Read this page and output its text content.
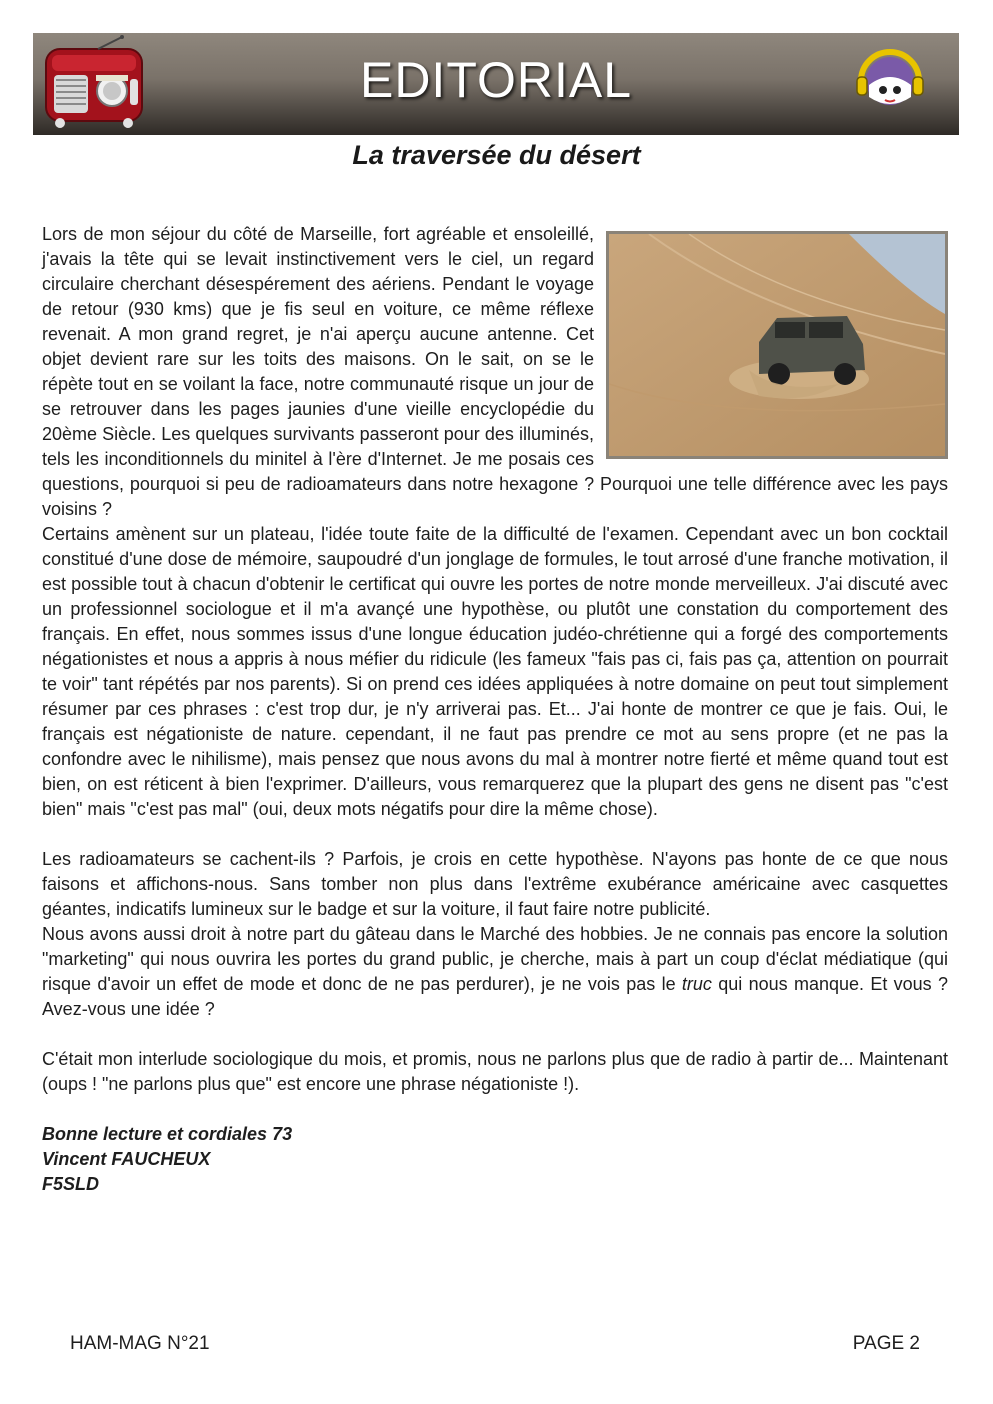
EDITORIAL
La traversée du désert

Lors de mon séjour du côté de Marseille, fort agréable et ensoleillé, j'avais la tête qui se levait instinctivement vers le ciel, un regard circulaire cherchant désespérement des aériens. Pendant le voyage de retour (930 kms) que je fis seul en voiture, ce même réflexe revenait. A mon grand regret, je n'ai aperçu aucune antenne. Cet objet devient rare sur les toits des maisons. On le sait, on se le répète tout en se voilant la face, notre communauté risque un jour de se retrouver dans les pages jaunies d'une vieille encyclopédie du 20ème Siècle. Les quelques survivants passeront pour des illuminés, tels les inconditionnels du minitel à l'ère d'Internet. Je me posais ces questions, pourquoi si peu de radioamateurs dans notre hexagone ? Pourquoi une telle différence avec les pays voisins ?

Certains amènent sur un plateau, l'idée toute faite de la difficulté de l'examen. Cependant avec un bon cocktail constitué d'une dose de mémoire, saupoudré d'un jonglage de formules, le tout arrosé d'une franche motivation, il est possible tout à chacun d'obtenir le certificat qui ouvre les portes de notre monde merveilleux. J'ai discuté avec un professionnel sociologue et il m'a avançé une hypothèse, ou plutôt une constation du comportement des français. En effet, nous sommes issus d'une longue éducation judéo-chrétienne qui a forgé des comportements négationistes et nous a appris à nous méfier du ridicule (les fameux "fais pas ci, fais pas ça, attention on pourrait te voir" tant répétés par nos parents). Si on prend ces idées appliquées à notre domaine on peut tout simplement résumer par ces phrases : c'est trop dur, je n'y arriverai pas. Et... J'ai honte de montrer ce que je fais. Oui, le français est négationiste de nature. cependant, il ne faut pas prendre ce mot au sens propre (et ne pas la confondre avec le nihilisme), mais pensez que nous avons du mal à montrer notre fierté et même quand tout est bien, on est réticent à bien l'exprimer. D'ailleurs, vous remarquerez que la plupart des gens ne disent pas "c'est bien" mais "c'est pas mal" (oui, deux mots négatifs pour dire la même chose).

Les radioamateurs se cachent-ils ? Parfois, je crois en cette hypothèse. N'ayons pas honte de ce que nous faisons et affichons-nous. Sans tomber non plus dans l'extrême exubérance américaine avec casquettes géantes, indicatifs lumineux sur le badge et sur la voiture, il faut faire notre publicité.

Nous avons aussi droit à notre part du gâteau dans le Marché des hobbies. Je ne connais pas encore la solution "marketing" qui nous ouvrira les portes du grand public, je cherche, mais à part un coup d'éclat médiatique (qui risque d'avoir un effet de mode et donc de ne pas perdurer), je ne vois pas le truc qui nous manque. Et vous ? Avez-vous une idée ?

C'était mon interlude sociologique du mois, et promis, nous ne parlons plus que de radio à partir de... Maintenant (oups ! "ne parlons plus que" est encore une phrase négationiste !).

Bonne lecture et cordiales 73

Vincent FAUCHEUX

F5SLD

HAM-MAG N°21	PAGE 2
